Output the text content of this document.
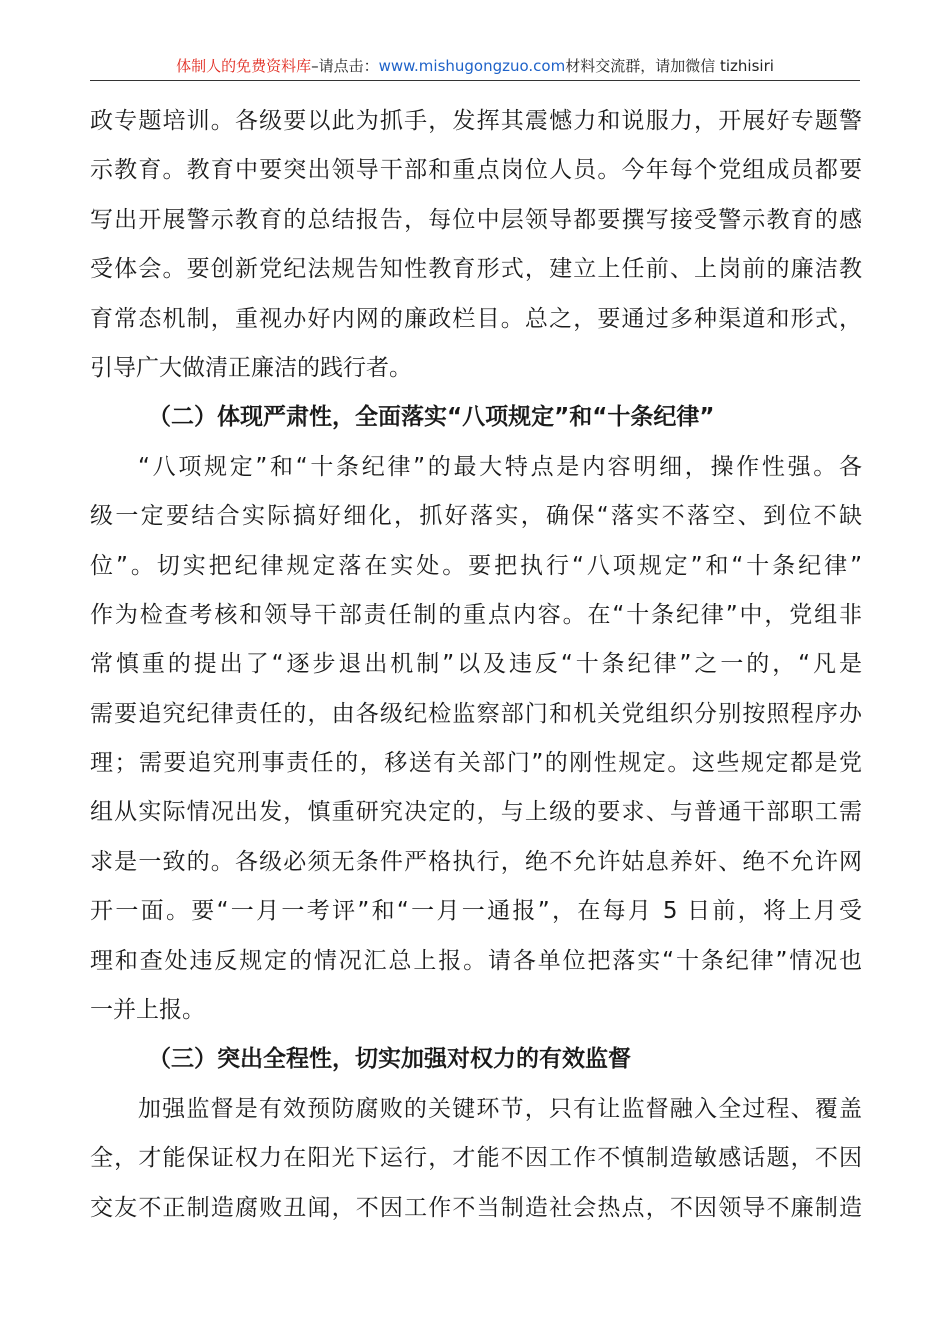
体制人的免费资料库–请点击：www.mishugongzuo.com材料交流群，请加微信 tizhisiri
政专题培训。各级要以此为抓手，发挥其震憾力和说服力，开展好专题警
示教育。教育中要突出领导干部和重点岗位人员。今年每个党组成员都要
写出开展警示教育的总结报告，每位中层领导都要撰写接受警示教育的感
受体会。要创新党纪法规告知性教育形式，建立上任前、上岗前的廉洁教
育常态机制，重视办好内网的廉政栏目。总之，要通过多种渠道和形式，
引导广大做清正廉洁的践行者。
（二）体现严肃性，全面落实“八项规定”和“十条纪律”
“八项规定”和“十条纪律”的最大特点是内容明细，操作性强。各
级一定要结合实际搞好细化，抓好落实，确保“落实不落空、到位不缺
位”。切实把纪律规定落在实处。要把执行“八项规定”和“十条纪律”
作为检查考核和领导干部责任制的重点内容。在“十条纪律”中，党组非
常慎重的提出了“逐步退出机制”以及违反“十条纪律”之一的，“凡是
需要追究纪律责任的，由各级纪检监察部门和机关党组织分别按照程序办
理；需要追究刑事责任的，移送有关部门”的刚性规定。这些规定都是党
组从实际情况出发，慎重研究决定的，与上级的要求、与普通干部职工需
求是一致的。各级必须无条件严格执行，绝不允许姑息养奸、绝不允许网
开一面。要“一月一考评”和“一月一通报”，在每月 5 日前，将上月受
理和查处违反规定的情况汇总上报。请各单位把落实“十条纪律”情况也
一并上报。
（三）突出全程性，切实加强对权力的有效监督
加强监督是有效预防腐败的关键环节，只有让监督融入全过程、覆盖
全，才能保证权力在阳光下运行，才能不因工作不慎制造敏感话题，不因
交友不正制造腐败丑闻，不因工作不当制造社会热点，不因领导不廉制造
